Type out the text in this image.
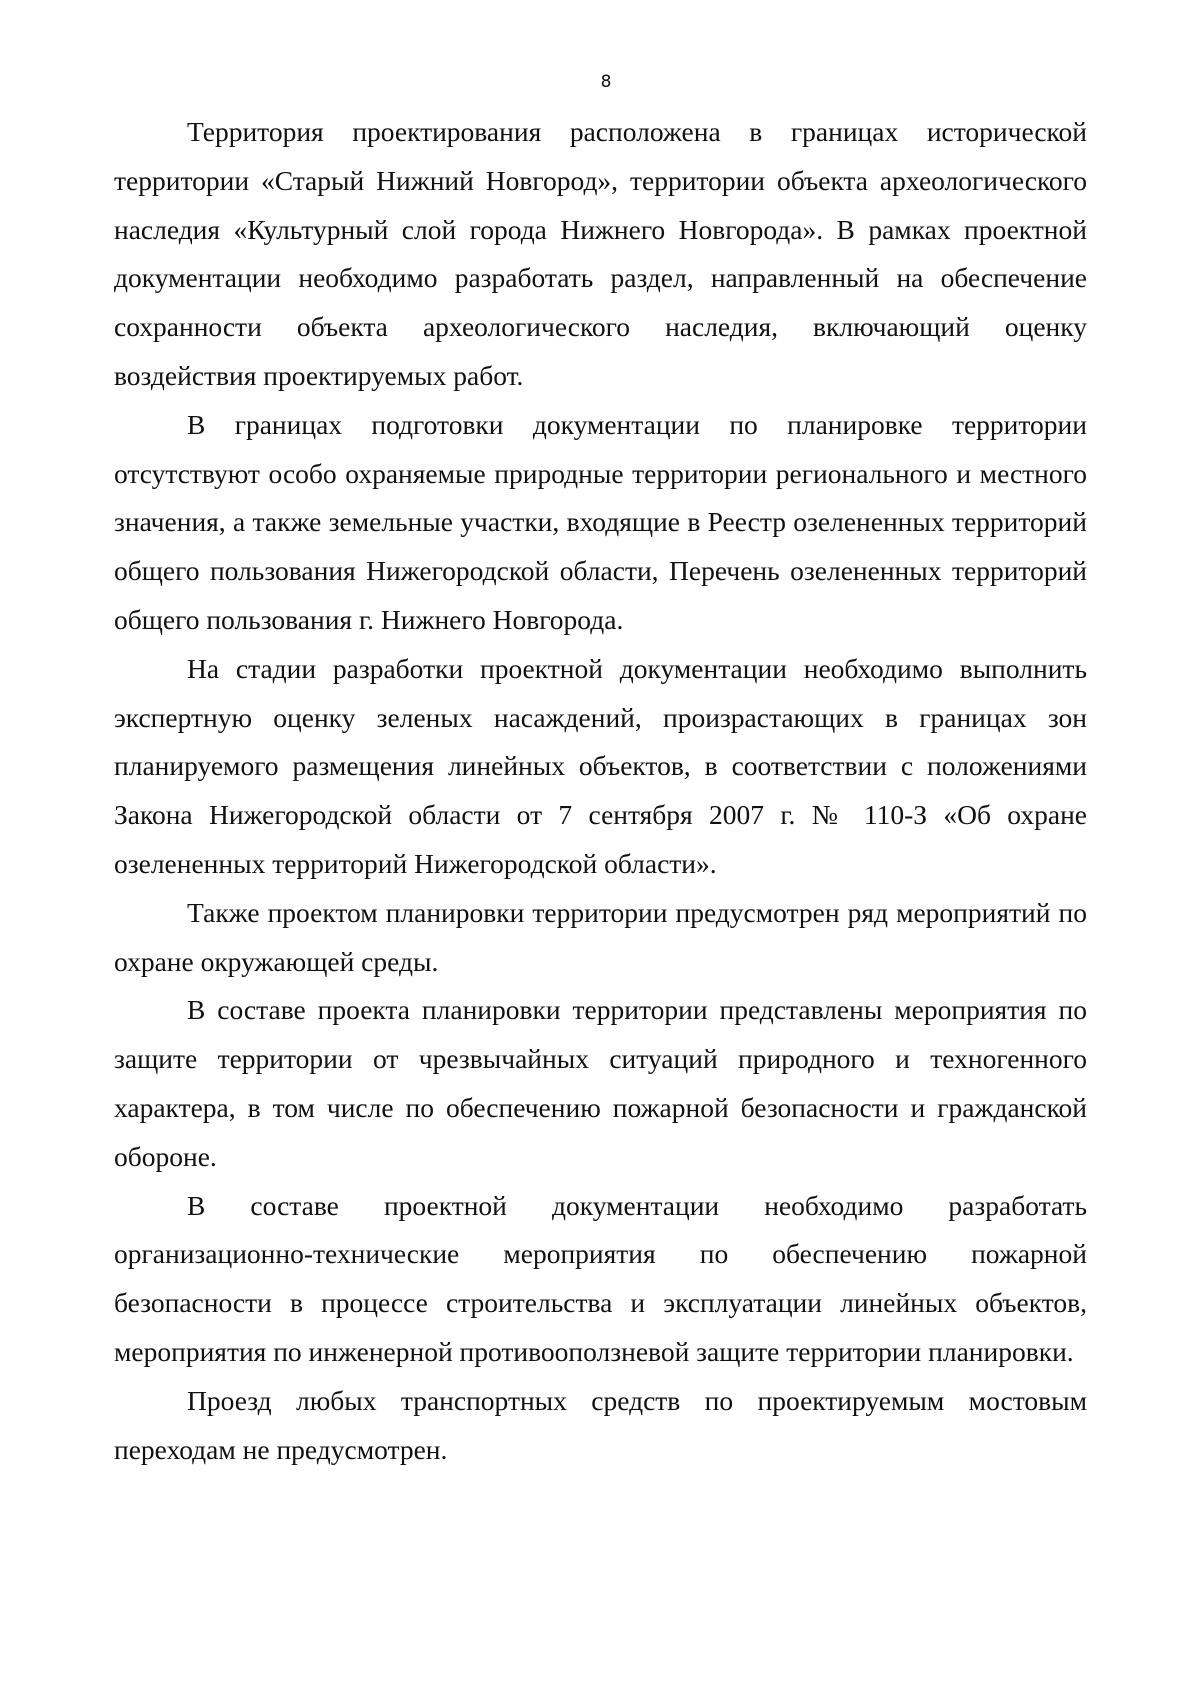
8

Территория проектирования расположена в границах исторической территории «Старый Нижний Новгород», территории объекта археологического наследия «Культурный слой города Нижнего Новгорода». В рамках проектной документации необходимо разработать раздел, направленный на обеспечение сохранности объекта археологического наследия, включающий оценку воздействия проектируемых работ.

В границах подготовки документации по планировке территории отсутствуют особо охраняемые природные территории регионального и местного значения, а также земельные участки, входящие в Реестр озелененных территорий общего пользования Нижегородской области, Перечень озелененных территорий общего пользования г. Нижнего Новгорода.

На стадии разработки проектной документации необходимо выполнить экспертную оценку зеленых насаждений, произрастающих в границах зон планируемого размещения линейных объектов, в соответствии с положениями Закона Нижегородской области от 7 сентября 2007 г. № 110-З «Об охране озелененных территорий Нижегородской области».

Также проектом планировки территории предусмотрен ряд мероприятий по охране окружающей среды.

В составе проекта планировки территории представлены мероприятия по защите территории от чрезвычайных ситуаций природного и техногенного характера, в том числе по обеспечению пожарной безопасности и гражданской обороне.

В составе проектной документации необходимо разработать организационно-технические мероприятия по обеспечению пожарной безопасности в процессе строительства и эксплуатации линейных объектов, мероприятия по инженерной противооползневой защите территории планировки.

Проезд любых транспортных средств по проектируемым мостовым переходам не предусмотрен.
